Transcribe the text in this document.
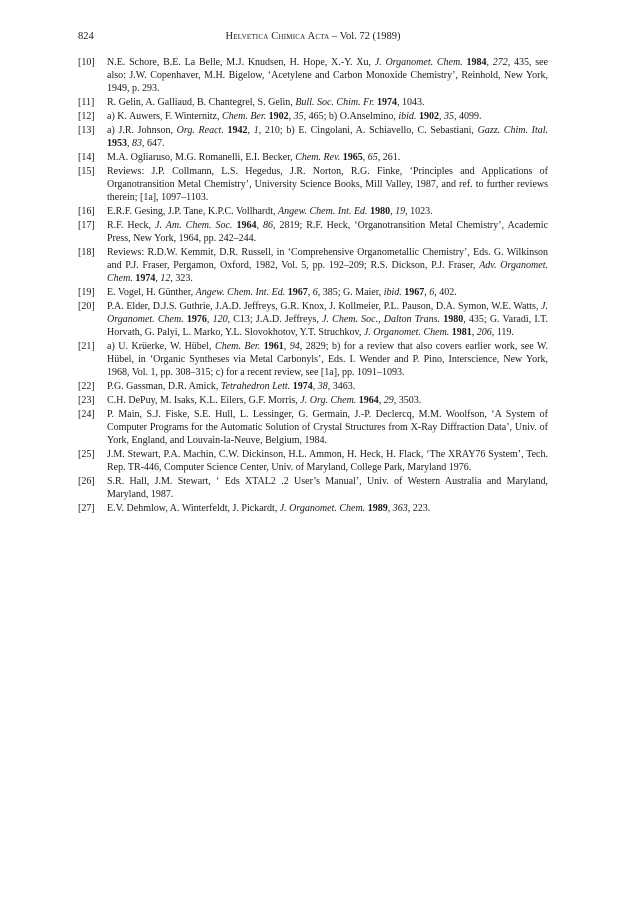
824	Helvetica Chimica Acta – Vol. 72 (1989)
[10] N.E. Schore, B.E. La Belle, M.J. Knudsen, H. Hope, X.-Y. Xu, J. Organomet. Chem. 1984, 272, 435, see also: J.W. Copenhaver, M.H. Bigelow, ‘Acetylene and Carbon Monoxide Chemistry’, Reinhold, New York, 1949, p. 293.
[11] R. Gelin, A. Galliaud, B. Chantegrel, S. Gelin, Bull. Soc. Chim. Fr. 1974, 1043.
[12] a) K. Auwers, F. Winternitz, Chem. Ber. 1902, 35, 465; b) O.Anselmino, ibid. 1902, 35, 4099.
[13] a) J.R. Johnson, Org. React. 1942, 1, 210; b) E. Cingolani, A. Schiavello, C. Sebastiani, Gazz. Chim. Ital. 1953, 83, 647.
[14] M.A. Ogliaruso, M.G. Romanelli, E.I. Becker, Chem. Rev. 1965, 65, 261.
[15] Reviews: J.P. Collmann, L.S. Hegedus, J.R. Norton, R.G. Finke, ‘Principles and Applications of Organotransition Metal Chemistry’, University Science Books, Mill Valley, 1987, and ref. to further reviews therein; [1a], 1097–1103.
[16] E.R.F. Gesing, J.P. Tane, K.P.C. Vollhardt, Angew. Chem. Int. Ed. 1980, 19, 1023.
[17] R.F. Heck, J. Am. Chem. Soc. 1964, 86, 2819; R.F. Heck, ‘Organotransition Metal Chemistry’, Academic Press, New York, 1964, pp. 242–244.
[18] Reviews: R.D.W. Kemmit, D.R. Russell, in ‘Comprehensive Organometallic Chemistry’, Eds. G. Wilkinson and P.J. Fraser, Pergamon, Oxford, 1982, Vol. 5, pp. 192–209; R.S. Dickson, P.J. Fraser, Adv. Organomet. Chem. 1974, 12, 323.
[19] E. Vogel, H. Günther, Angew. Chem. Int. Ed. 1967, 6, 385; G. Maier, ibid. 1967, 6, 402.
[20] P.A. Elder, D.J.S. Guthrie, J.A.D. Jeffreys, G.R. Knox, J. Kollmeier, P.L. Pauson, D.A. Symon, W.E. Watts, J. Organomet. Chem. 1976, 120, C13; J.A.D. Jeffreys, J. Chem. Soc., Dalton Trans. 1980, 435; G. Varadi, I.T. Horvath, G. Palyi, L. Marko, Y.L. Slovokhotov, Y.T. Struchkov, J. Organomet. Chem. 1981, 206, 119.
[21] a) U. Krüerke, W. Hübel, Chem. Ber. 1961, 94, 2829; b) for a review that also covers earlier work, see W. Hübel, in ‘Organic Syntheses via Metal Carbonyls’, Eds. I. Wender and P. Pino, Interscience, New York, 1968, Vol. 1, pp. 308–315; c) for a recent review, see [1a], pp. 1091–1093.
[22] P.G. Gassman, D.R. Amick, Tetrahedron Lett. 1974, 38, 3463.
[23] C.H. DePuy, M. Isaks, K.L. Eilers, G.F. Morris, J. Org. Chem. 1964, 29, 3503.
[24] P. Main, S.J. Fiske, S.E. Hull, L. Lessinger, G. Germain, J.-P. Declercq, M.M. Woolfson, ‘A System of Computer Programs for the Automatic Solution of Crystal Structures from X-Ray Diffraction Data’, Univ. of York, England, and Louvain-la-Neuve, Belgium, 1984.
[25] J.M. Stewart, P.A. Machin, C.W. Dickinson, H.L. Ammon, H. Heck, H. Flack, ‘The XRAY76 System’, Tech. Rep. TR-446, Computer Science Center, Univ. of Maryland, College Park, Maryland 1976.
[26] S.R. Hall, J.M. Stewart, ‘ Eds XTAL2 .2 User’s Manual’, Univ. of Western Australia and Maryland, Maryland, 1987.
[27] E.V. Dehmlow, A. Winterfeldt, J. Pickardt, J. Organomet. Chem. 1989, 363, 223.
